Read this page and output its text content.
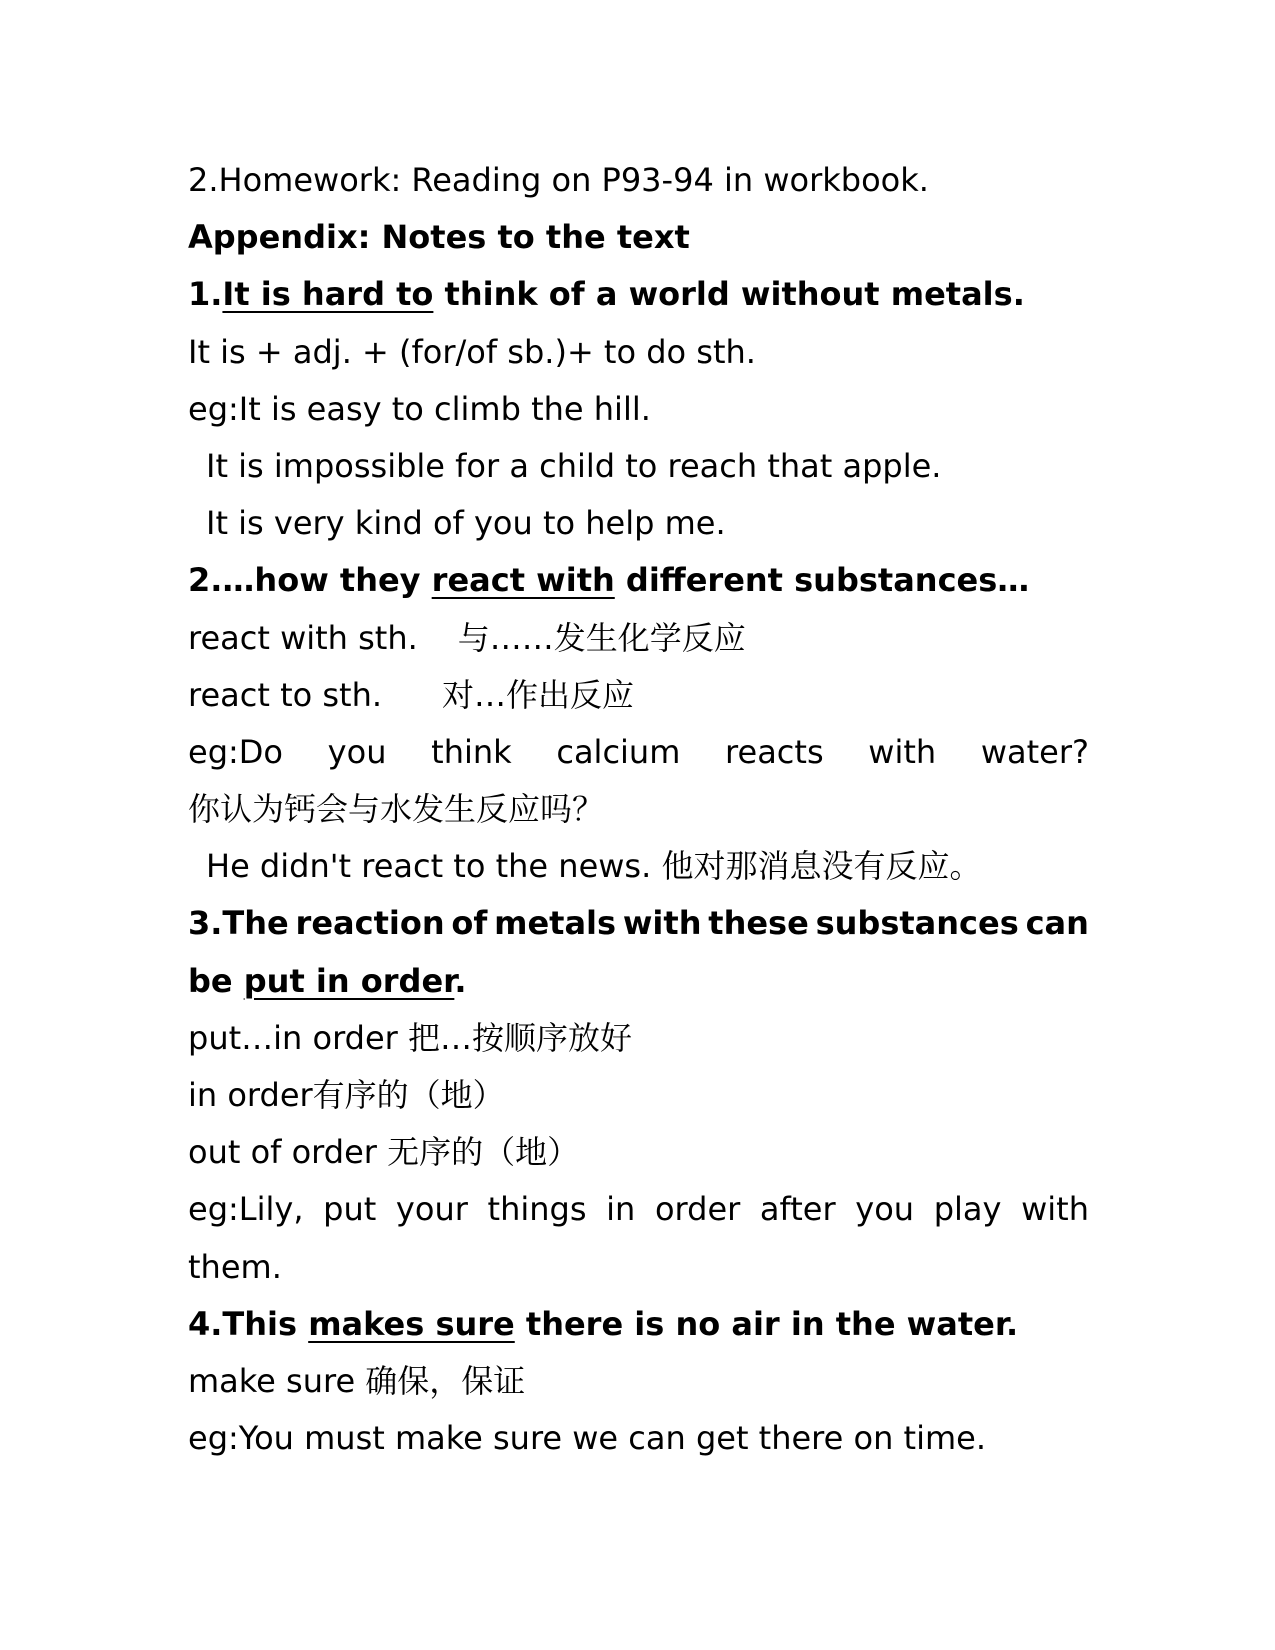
2.Homework: Reading on P93-94 in workbook.
Appendix: Notes to the text
1.It is hard to think of a world without metals.
It is + adj. + (for/of sb.)+ to do sth.
eg:It is easy to climb the hill.
It is impossible for a child to reach that apple.
It is very kind of you to help me.
2.…how they react with different substances…
react with sth. 与……发生化学反应
react to sth. 对…作出反应
eg:Do you think calcium reacts with water?
你认为钙会与水发生反应吗？
He didn't react to the news. 他对那消息没有反应。
3.The reaction of metals with these substances can
be put in order.
put…in order 把…按顺序放好
in order有序的（地）
out of order 无序的（地）
eg:Lily, put your things in order after you play with
them.
4.This makes sure there is no air in the water.
make sure 确保，保证
eg:You must make sure we can get there on time.
